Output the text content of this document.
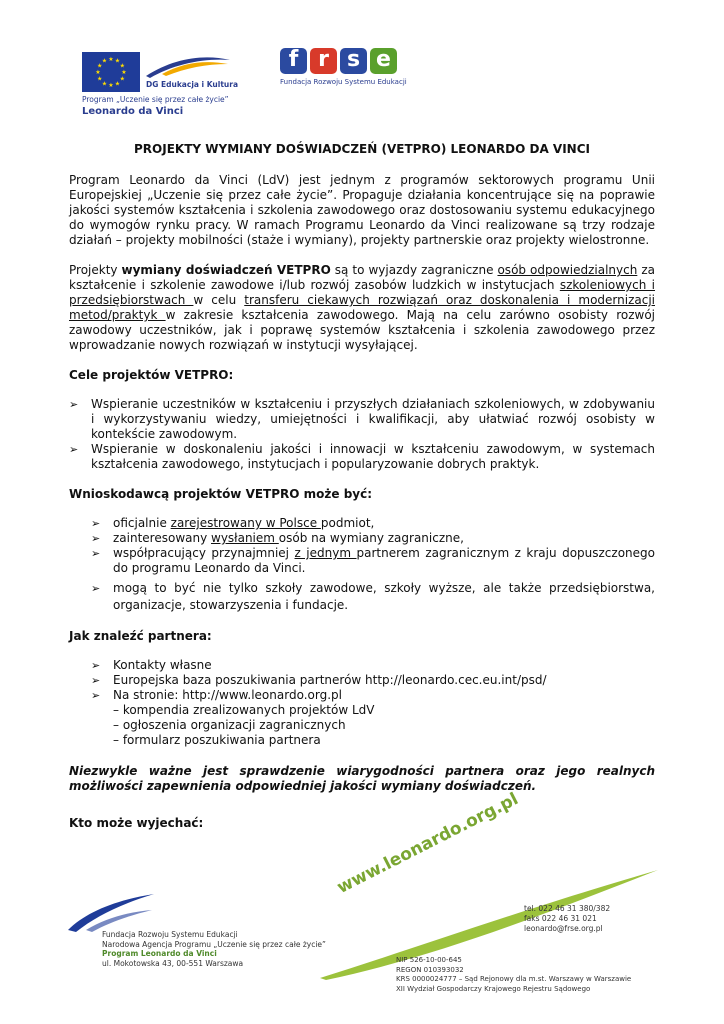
★ ★
★
★
★
★
★
★
★
★
★
★
DG Edukacja i Kultura
Program „Uczenie się przez całe życie”
Leonardo da Vinci
f r s e
Fundacja Rozwoju Systemu Edukacji
PROJEKTY WYMIANY DOŚWIADCZEŃ (VETPRO) LEONARDO DA VINCI

Program Leonardo da Vinci (LdV) jest jednym z programów sektorowych programu Unii Europejskiej „Uczenie się przez całe życie”. Propaguje działania koncentrujące się na poprawie jakości systemów kształcenia i szkolenia zawodowego oraz dostosowaniu systemu edukacyjnego do wymogów rynku pracy. W ramach Programu Leonardo da Vinci realizowane są trzy rodzaje działań – projekty mobilności (staże i wymiany), projekty partnerskie oraz projekty wielostronne.

Projekty wymiany doświadczeń VETPRO są to wyjazdy zagraniczne osób odpowiedzialnych za kształcenie i szkolenie zawodowe i/lub rozwój zasobów ludzkich w instytucjach szkoleniowych i przedsiębiorstwach w celu transferu ciekawych rozwiązań oraz doskonalenia i modernizacji metod/praktyk w zakresie kształcenia zawodowego. Mają na celu zarówno osobisty rozwój zawodowy uczestników, jak i poprawę systemów kształcenia i szkolenia zawodowego przez wprowadzanie nowych rozwiązań w instytucji wysyłającej.

Cele projektów VETPRO:
➢ Wspieranie uczestników w kształceniu i przyszłych działaniach szkoleniowych, w zdobywaniu i wykorzystywaniu wiedzy, umiejętności i kwalifikacji, aby ułatwiać rozwój osobisty w kontekście zawodowym.
➢ Wspieranie w doskonaleniu jakości i innowacji w kształceniu zawodowym, w systemach kształcenia zawodowego, instytucjach i popularyzowanie dobrych praktyk.
Wnioskodawcą projektów VETPRO może być:
➢ oficjalnie zarejestrowany w Polsce podmiot,
➢ zainteresowany wysłaniem osób na wymiany zagraniczne,
➢ współpracujący przynajmniej z jednym partnerem zagranicznym z kraju dopuszczonego do programu Leonardo da Vinci.
➢ mogą to być nie tylko szkoły zawodowe, szkoły wyższe, ale także przedsiębiorstwa, organizacje, stowarzyszenia i fundacje.
Jak znaleźć partnera:
➢ Kontakty własne
➢ Europejska baza poszukiwania partnerów http://leonardo.cec.eu.int/psd/
➢ Na stronie: http://www.leonardo.org.pl
– kompendia zrealizowanych projektów LdV
– ogłoszenia organizacji zagranicznych
– formularz poszukiwania partnera

Niezwykle ważne jest sprawdzenie wiarygodności partnera oraz jego realnych możliwości zapewnienia odpowiedniej jakości wymiany doświadczeń.

Kto może wyjechać:
Fundacja Rozwoju Systemu Edukacji
Narodowa Agencja Programu „Uczenie się przez całe życie”
Program Leonardo da Vinci
ul. Mokotowska 43, 00-551 Warszawa
www.leonardo.org.pl
tel. 022 46 31 380/382
faks 022 46 31 021
leonardo@frse.org.pl
NIP 526-10-00-645
REGON 010393032
KRS 0000024777 – Sąd Rejonowy dla m.st. Warszawy w Warszawie
XII Wydział Gospodarczy Krajowego Rejestru Sądowego
